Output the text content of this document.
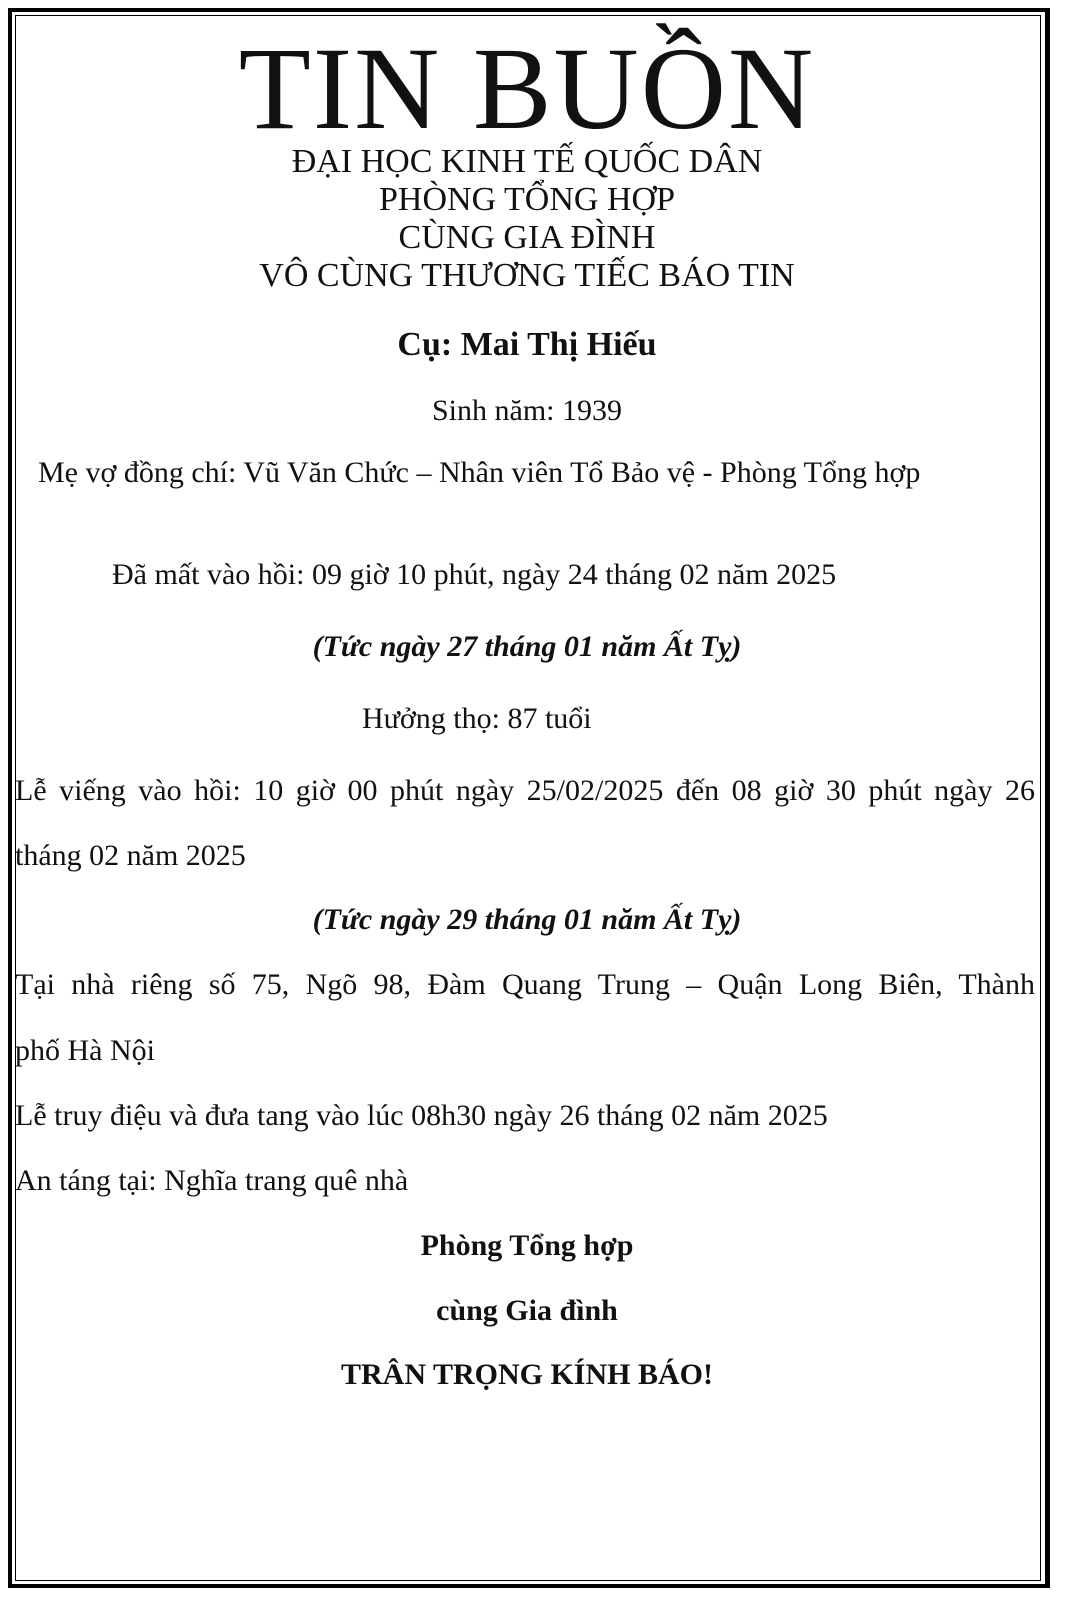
TIN BUỒN
ĐẠI HỌC KINH TẾ QUỐC DÂN
PHÒNG TỔNG HỢP
CÙNG GIA ĐÌNH
VÔ CÙNG THƯƠNG TIẾC BÁO TIN
Cụ: Mai Thị Hiếu
Sinh năm: 1939
Mẹ vợ đồng chí: Vũ Văn Chức – Nhân viên Tổ Bảo vệ - Phòng Tổng hợp
Đã mất vào hồi: 09 giờ 10 phút, ngày 24 tháng 02 năm 2025
(Tức ngày 27 tháng 01 năm Ất Tỵ)
Hưởng thọ: 87 tuổi
Lễ viếng vào hồi: 10 giờ 00 phút ngày 25/02/2025 đến 08 giờ 30 phút ngày 26
tháng 02 năm 2025
(Tức ngày 29 tháng 01 năm Ất Tỵ)
Tại nhà riêng số 75, Ngõ 98, Đàm Quang Trung – Quận Long Biên, Thành
phố Hà Nội
Lễ truy điệu và đưa tang vào lúc 08h30 ngày 26 tháng 02 năm 2025
An táng tại: Nghĩa trang quê nhà
Phòng Tổng hợp
cùng Gia đình
TRÂN TRỌNG KÍNH BÁO!
